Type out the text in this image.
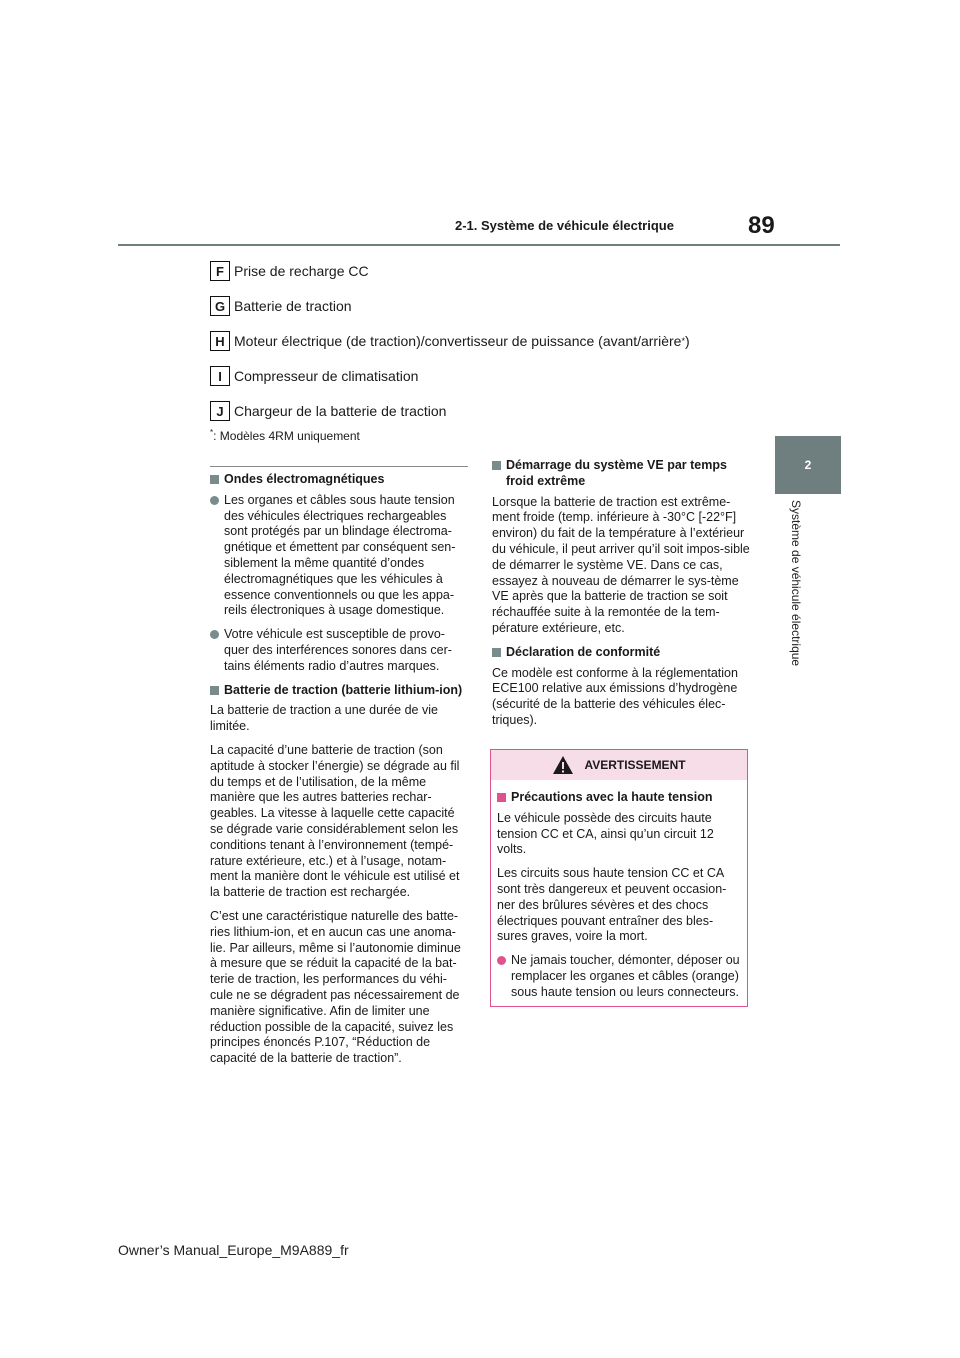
2-1. Système de véhicule électrique	89
2
Système de véhicule électrique
F Prise de recharge CC
G Batterie de traction
H Moteur électrique (de traction)/convertisseur de puissance (avant/arrière * )
I Compresseur de climatisation
J Chargeur de la batterie de traction
*: Modèles 4RM uniquement

Ondes électromagnétiques

Les organes et câbles sous haute tension des véhicules électriques rechargeables sont protégés par un blindage électroma-gnétique et émettent par conséquent sen-siblement la même quantité d’ondes électromagnétiques que les véhicules à essence conventionnels ou que les appa-reils électroniques à usage domestique.

Votre véhicule est susceptible de provo-quer des interférences sonores dans cer-tains éléments radio d’autres marques.

Batterie de traction (batterie lithium-ion)

La batterie de traction a une durée de vie limitée.

La capacité d’une batterie de traction (son aptitude à stocker l’énergie) se dégrade au fil du temps et de l’utilisation, de la même manière que les autres batteries rechar-geables. La vitesse à laquelle cette capacité se dégrade varie considérablement selon les conditions tenant à l’environnement (tempé-rature extérieure, etc.) et à l’usage, notam-ment la manière dont le véhicule est utilisé et la batterie de traction est rechargée.

C’est une caractéristique naturelle des batte-ries lithium-ion, et en aucun cas une anoma-lie. Par ailleurs, même si l’autonomie diminue à mesure que se réduit la capacité de la bat-terie de traction, les performances du véhi-cule ne se dégradent pas nécessairement de manière significative. Afin de limiter une réduction possible de la capacité, suivez les principes énoncés P.107, “Réduction de capacité de la batterie de traction”.

Démarrage du système VE par temps froid extrême

Lorsque la batterie de traction est extrême-ment froide (temp. inférieure à -30°C [-22°F] environ) du fait de la température à l’extérieur du véhicule, il peut arriver qu’il soit impos-sible de démarrer le système VE. Dans ce cas, essayez à nouveau de démarrer le sys-tème VE après que la batterie de traction se soit réchauffée suite à la remontée de la tem-pérature extérieure, etc.

Déclaration de conformité

Ce modèle est conforme à la réglementation ECE100 relative aux émissions d’hydrogène (sécurité de la batterie des véhicules élec-triques).

AVERTISSEMENT

Précautions avec la haute tension

Le véhicule possède des circuits haute tension CC et CA, ainsi qu’un circuit 12 volts.

Les circuits sous haute tension CC et CA sont très dangereux et peuvent occasion-ner des brûlures sévères et des chocs électriques pouvant entraîner des bles-sures graves, voire la mort.

Ne jamais toucher, démonter, déposer ou remplacer les organes et câbles (orange) sous haute tension ou leurs connecteurs.

Owner’s Manual_Europe_M9A889_fr
